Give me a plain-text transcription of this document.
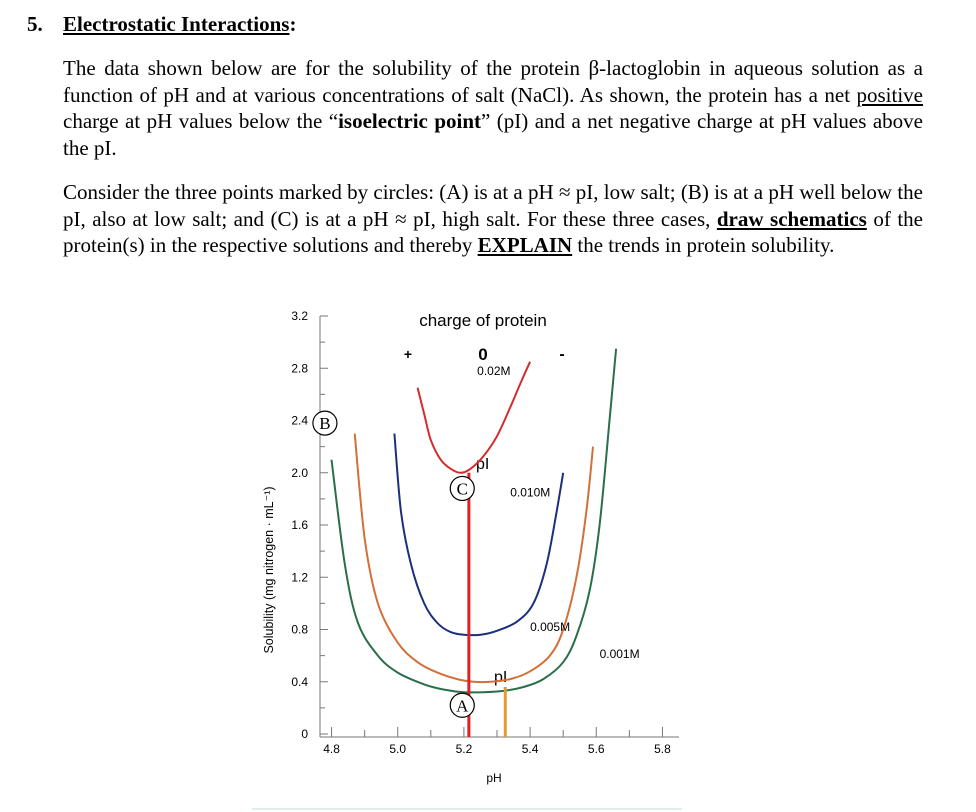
5. Electrostatic Interactions:
The data shown below are for the solubility of the protein β-lactoglobin in aqueous solution as a function of pH and at various concentrations of salt (NaCl). As shown, the protein has a net positive charge at pH values below the “isoelectric point” (pI) and a net negative charge at pH values above the pI.
Consider the three points marked by circles: (A) is at a pH ≈ pI, low salt; (B) is at a pH well below the pI, also at low salt; and (C) is at a pH ≈ pI, high salt. For these three cases, draw schematics of the protein(s) in the respective solutions and thereby EXPLAIN the trends in protein solubility.
charge of protein
+	0	-
Solubility (mg nitrogen · mL⁻¹)
pH
pI
pI
0
0.4
0.8
1.2
1.6
2.0
2.4
2.8
3.2
4.8	5.0	5.2	5.4	5.6	5.8
A
B
C
0.001M
0.005M
0.010M
0.02M
